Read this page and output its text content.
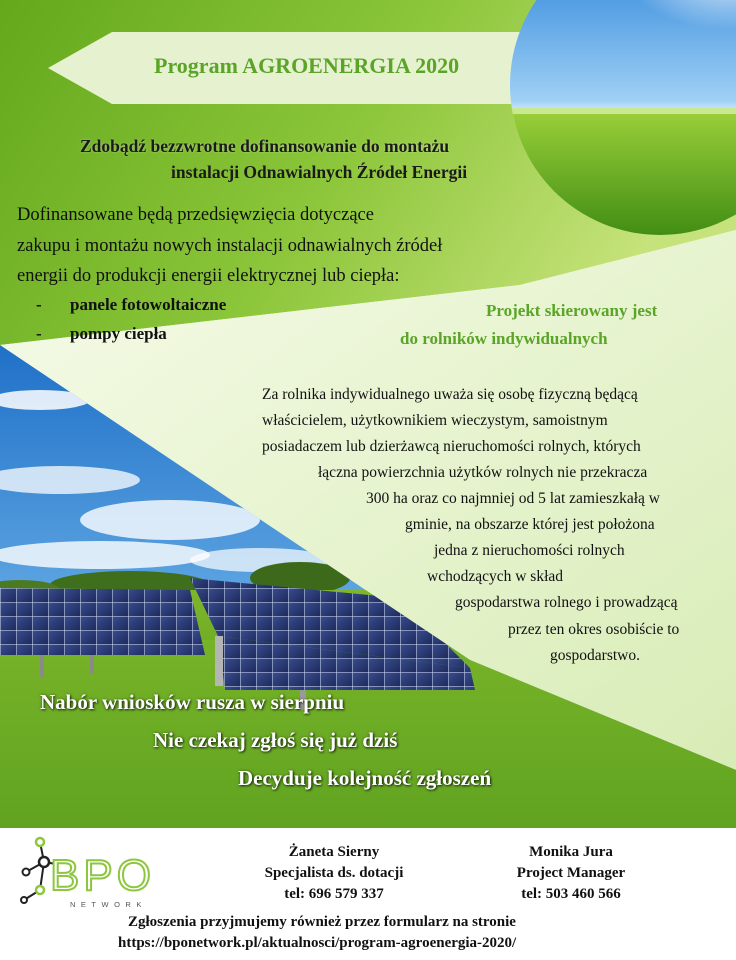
Program AGROENERGIA 2020
Zdobądź bezzwrotne dofinansowanie do montażu
instalacji Odnawialnych Źródeł Energii
Dofinansowane będą przedsięwzięcia dotyczące
zakupu i montażu nowych instalacji odnawialnych źródeł
energii do produkcji energii elektrycznej lub ciepła:
- panele fotowoltaiczne
- pompy ciepła
Projekt skierowany jest
do rolników indywidualnych
Za rolnika indywidualnego uważa się osobę fizyczną będącą
właścicielem, użytkownikiem wieczystym, samoistnym
posiadaczem lub dzierżawcą nieruchomości rolnych, których
łączna powierzchnia użytków rolnych nie przekracza
300 ha oraz co najmniej od 5 lat zamieszkałą w
gminie, na obszarze której jest położona
jedna z nieruchomości rolnych
wchodzących w skład
gospodarstwa rolnego i prowadzącą
przez ten okres osobiście to
gospodarstwo.
Nabór wniosków rusza w sierpniu
Nie czekaj zgłoś się już dziś
Decyduje kolejność zgłoszeń
BPO
NETWORK
Żaneta Sierny
Specjalista ds. dotacji
tel: 696 579 337
Monika Jura
Project Manager
tel: 503 460 566
Zgłoszenia przyjmujemy również przez formularz na stronie
https://bponetwork.pl/aktualnosci/program-agroenergia-2020/
